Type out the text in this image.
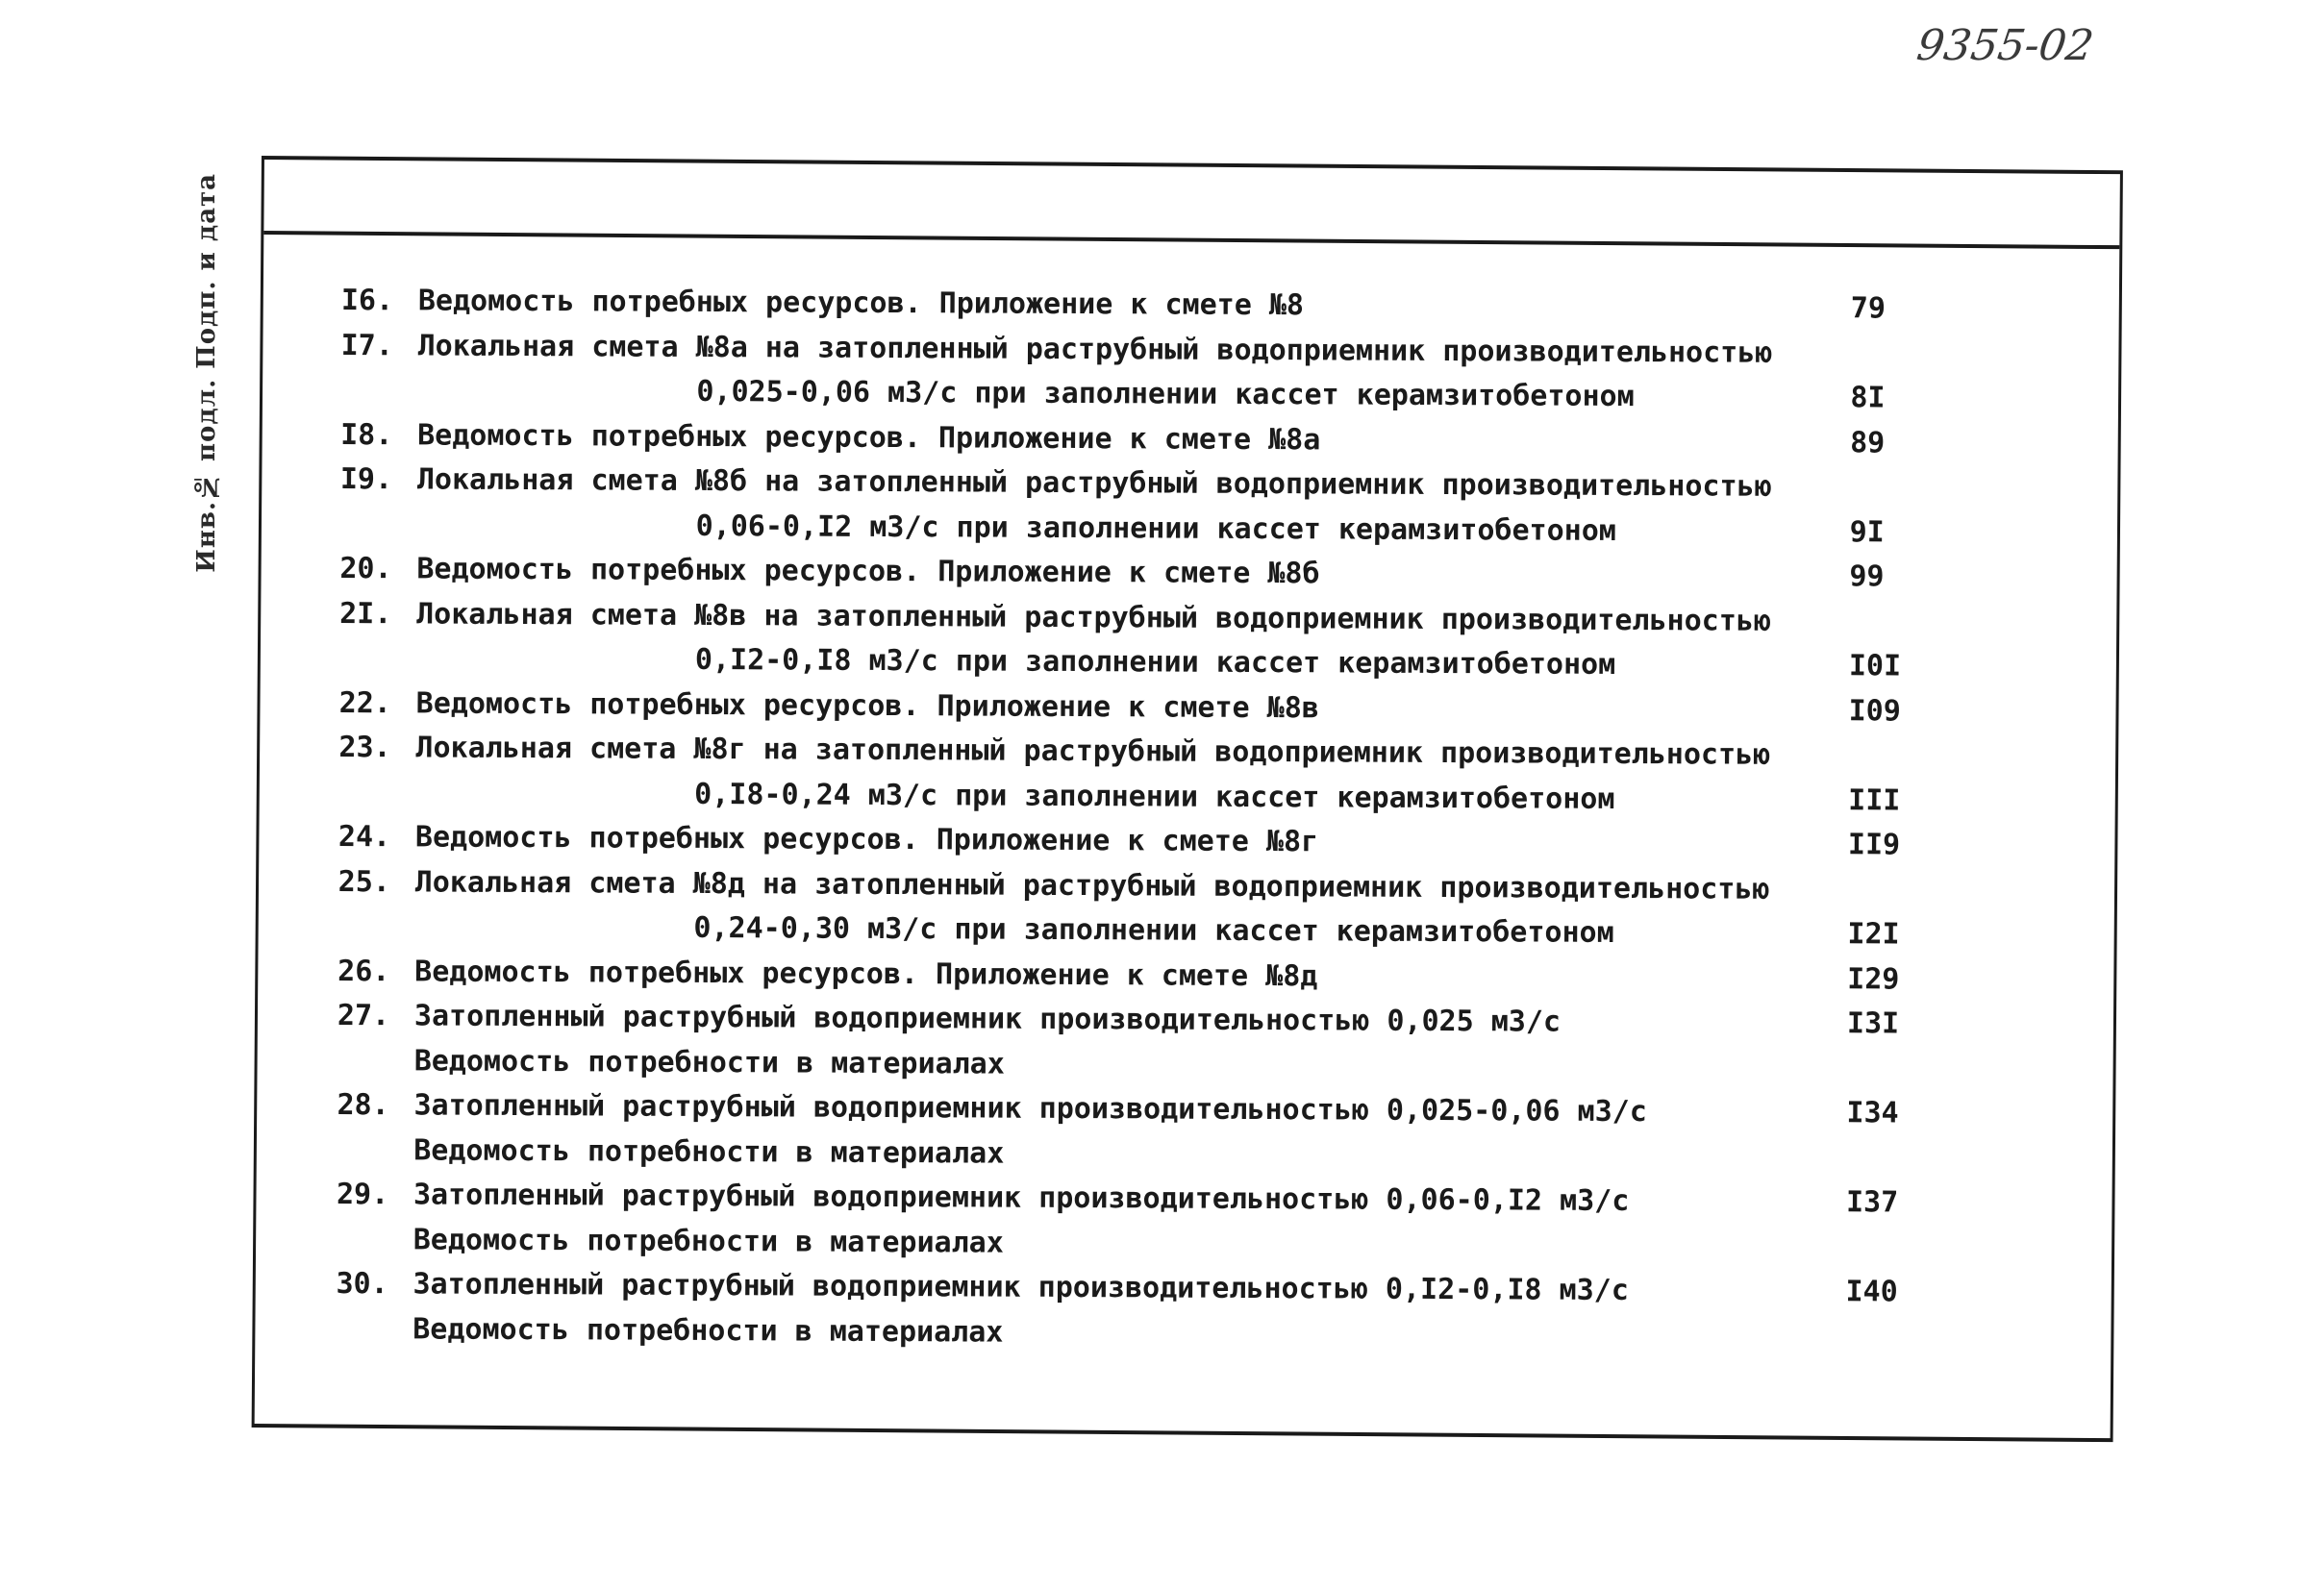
9355-02
Инв.№ подл. Подп. и дата	I6. Ведомость потребных ресурсов. Приложение к смете №8	79
I7. Локальная смета №8а на затопленный раструбный водоприемник производительностью
0,025-0,06 м3/с при заполнении кассет керамзитобетоном	8I
I8. Ведомость потребных ресурсов. Приложение к смете №8а	89
I9. Локальная смета №8б на затопленный раструбный водоприемник производительностью
0,06-0,I2 м3/с при заполнении кассет керамзитобетоном	9I
20. Ведомость потребных ресурсов. Приложение к смете №8б	99
2I. Локальная смета №8в на затопленный раструбный водоприемник производительностью
0,I2-0,I8 м3/с при заполнении кассет керамзитобетоном	I0I
22. Ведомость потребных ресурсов. Приложение к смете №8в	I09
23. Локальная смета №8г на затопленный раструбный водоприемник производительностью
0,I8-0,24 м3/с при заполнении кассет керамзитобетоном	III
24. Ведомость потребных ресурсов. Приложение к смете №8г	II9
25. Локальная смета №8д на затопленный раструбный водоприемник производительностью
0,24-0,30 м3/с при заполнении кассет керамзитобетоном	I2I
26. Ведомость потребных ресурсов. Приложение к смете №8д	I29
27. Затопленный раструбный водоприемник производительностью 0,025 м3/с	I3I
Ведомость потребности в материалах
28. Затопленный раструбный водоприемник производительностью 0,025-0,06 м3/с	I34
Ведомость потребности в материалах
29. Затопленный раструбный водоприемник производительностью 0,06-0,I2 м3/с	I37
Ведомость потребности в материалах
30. Затопленный раструбный водоприемник производительностью 0,I2-0,I8 м3/с	I40
Ведомость потребности в материалах
